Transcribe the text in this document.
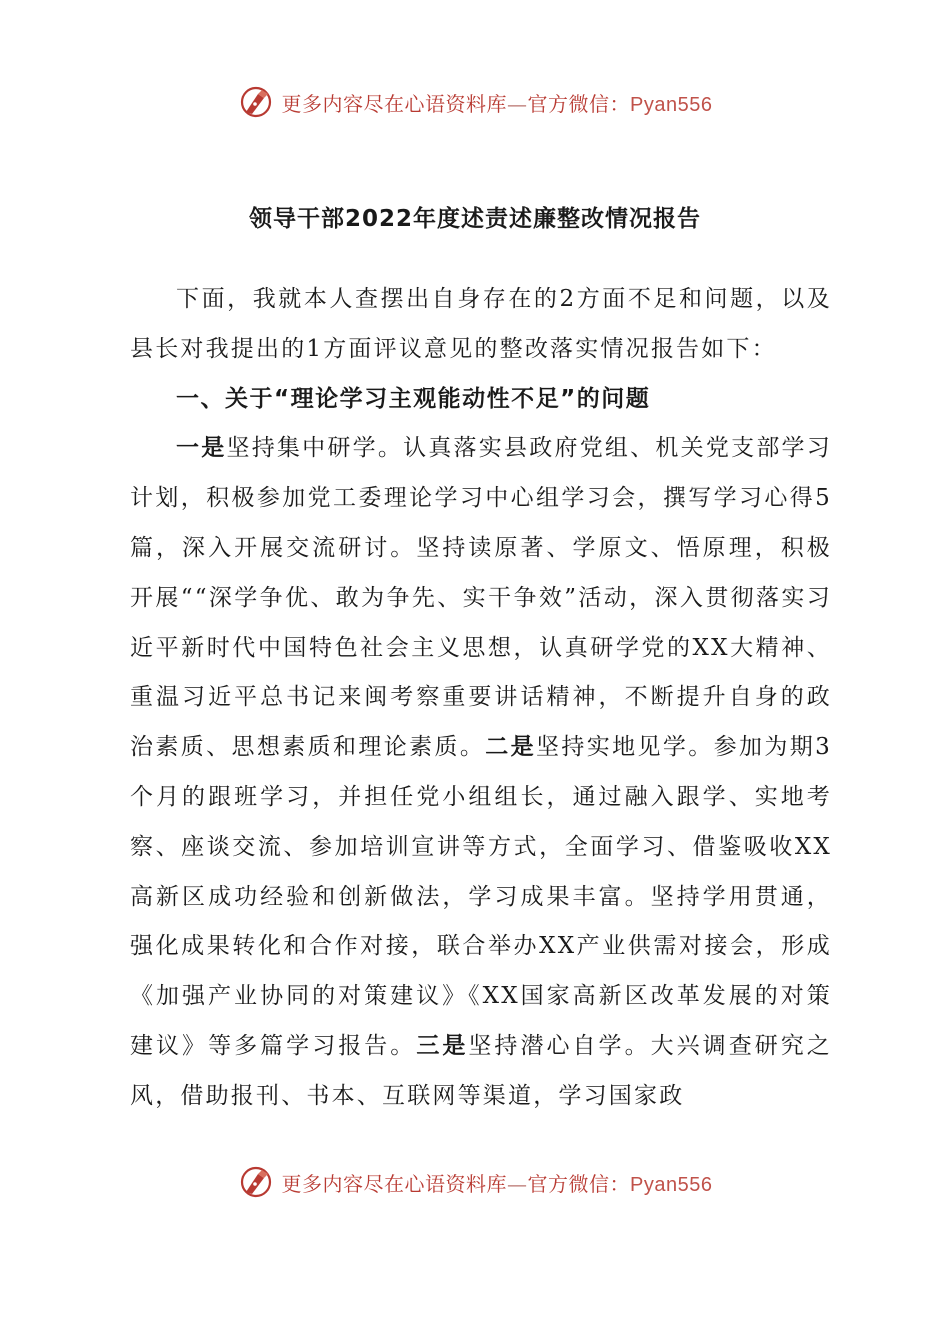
更多内容尽在心语资料库—官方微信：Pyan556
领导干部2022年度述责述廉整改情况报告

下面，我就本人查摆出自身存在的2方面不足和问题，以及县长对我提出的1方面评议意见的整改落实情况报告如下：

一、关于“理论学习主观能动性不足”的问题

一是坚持集中研学。认真落实县政府党组、机关党支部学习计划，积极参加党工委理论学习中心组学习会，撰写学习心得5篇，深入开展交流研讨。坚持读原著、学原文、悟原理，积极开展““深学争优、敢为争先、实干争效”活动，深入贯彻落实习近平新时代中国特色社会主义思想，认真研学党的XX大精神、重温习近平总书记来闽考察重要讲话精神，不断提升自身的政治素质、思想素质和理论素质。二是坚持实地见学。参加为期3个月的跟班学习，并担任党小组组长，通过融入跟学、实地考察、座谈交流、参加培训宣讲等方式，全面学习、借鉴吸收XX高新区成功经验和创新做法，学习成果丰富。坚持学用贯通，强化成果转化和合作对接，联合举办XX产业供需对接会，形成《加强产业协同的对策建议》《XX国家高新区改革发展的对策建议》等多篇学习报告。三是坚持潜心自学。大兴调查研究之风，借助报刊、书本、互联网等渠道，学习国家政

更多内容尽在心语资料库—官方微信：Pyan556
